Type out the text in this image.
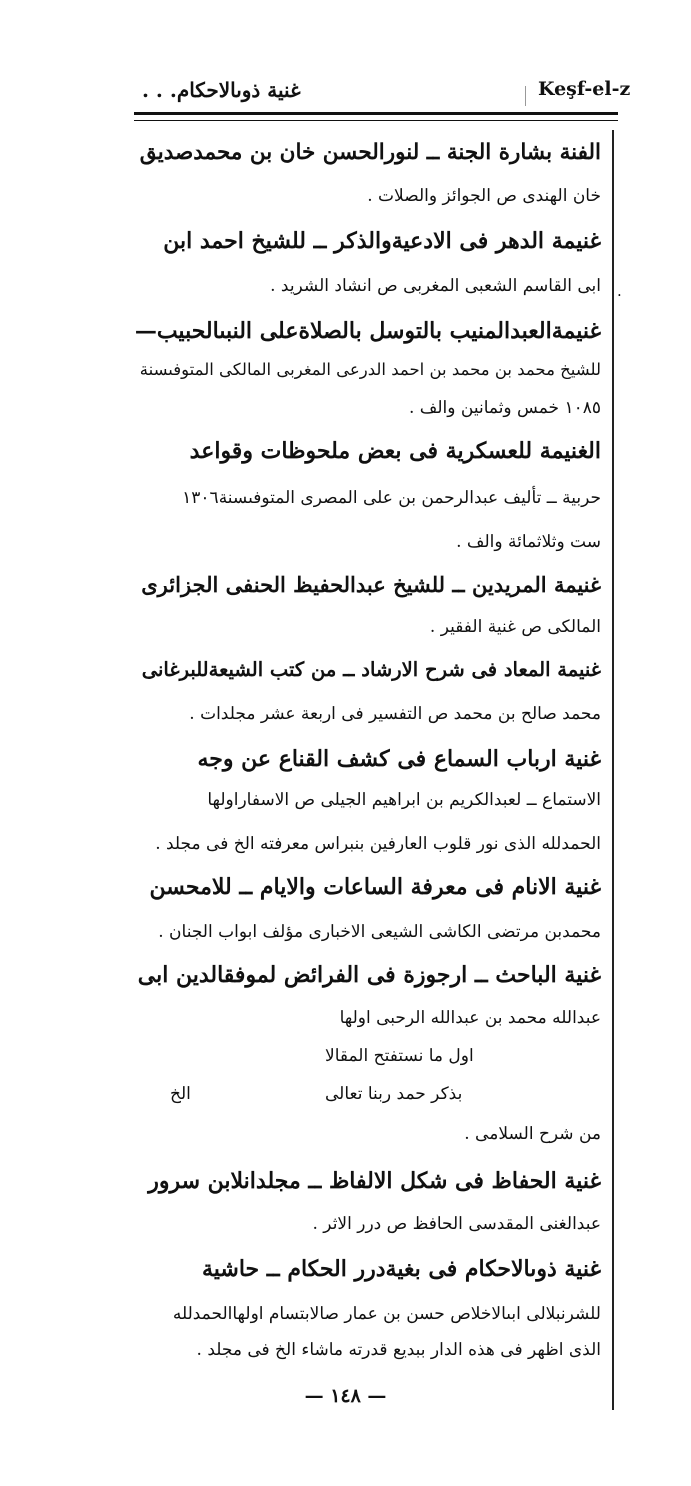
Keşf-el-z
غنية ذوىالاحكام. . .
.
الفنة بشارة الجنة ــ لنورالحسن خان بن محمدصديق
خان الهندى ص الجوائز والصلات .
غنيمة الدهر فى الادعيةوالذكر ــ للشيخ احمد ابن
ابى القاسم الشعبى المغربى ص انشاد الشريد .
غنيمةالعبدالمنيب بالتوسل بالصلاةعلى النبىالحبيب—
للشيخ محمد بن محمد بن احمد الدرعى المغربى المالكى المتوفىسنة
١٠٨٥ خمس وثمانين والف .
الغنيمة للعسكرية فى بعض ملحوظات وقواعد
حربية ــ تأليف عبدالرحمن بن على المصرى المتوفىسنة١٣٠٦
ست وثلاثمائة والف .
غنيمة المريدين ــ للشيخ عبدالحفيظ الحنفى الجزائرى
المالكى ص غنية الفقير .
غنيمة المعاد فى شرح الارشاد ــ من كتب الشيعةللبرغانى
محمد صالح بن محمد ص التفسير فى اربعة عشر مجلدات .
غنية ارباب السماع فى كشف القناع عن وجه
الاستماع ــ لعبدالكريم بن ابراهيم الجيلى ص الاسفاراولها
الحمدلله الذى نور قلوب العارفين بنبراس معرفته الخ فى مجلد .
غنية الانام فى معرفة الساعات والايام ــ للامحسن
محمدبن مرتضى الكاشى الشيعى الاخبارى مؤلف ابواب الجنان .
غنية الباحث ــ ارجوزة فى الفرائض لموفقالدين ابى
عبدالله محمد بن عبدالله الرحبى اولها
اول ما نستفتح المقالا
بذكر حمد ربنا تعالى
الخ
من شرح السلامى .
غنية الحفاظ فى شكل الالفاظ ــ مجلدانلابن سرور
عبدالغنى المقدسى الحافظ ص درر الاثر .
غنية ذوىالاحكام فى بغيةدرر الحكام ــ حاشية
للشرنبلالى ابىالاخلاص حسن بن عمار صالابتسام اولهاالحمدلله
الذى اظهر فى هذه الدار ببديع قدرته ماشاء الخ فى مجلد .
— ١٤٨ —
